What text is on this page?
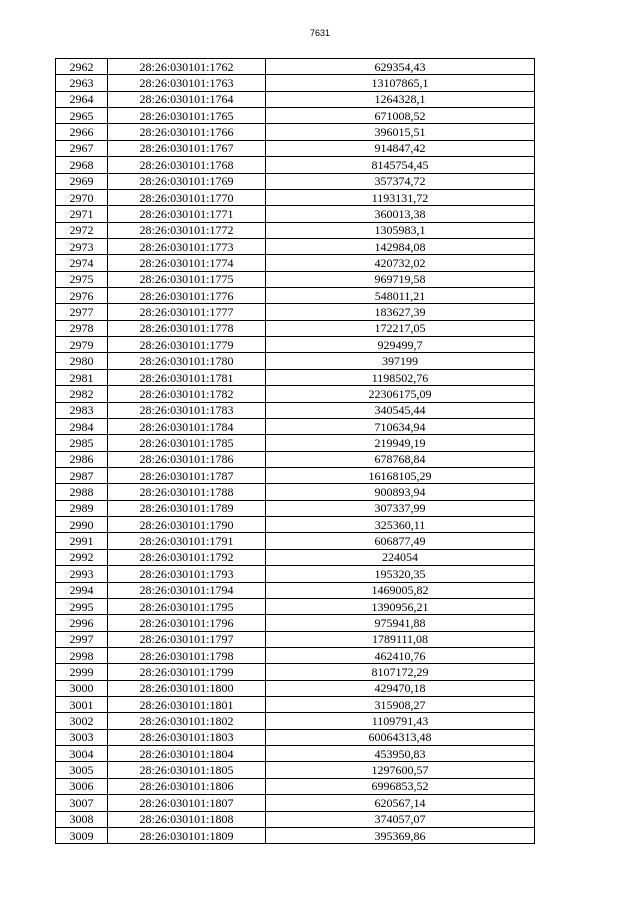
7631
2962	28:26:030101:1762	629354,43
2963	28:26:030101:1763	13107865,1
2964	28:26:030101:1764	1264328,1
2965	28:26:030101:1765	671008,52
2966	28:26:030101:1766	396015,51
2967	28:26:030101:1767	914847,42
2968	28:26:030101:1768	8145754,45
2969	28:26:030101:1769	357374,72
2970	28:26:030101:1770	1193131,72
2971	28:26:030101:1771	360013,38
2972	28:26:030101:1772	1305983,1
2973	28:26:030101:1773	142984,08
2974	28:26:030101:1774	420732,02
2975	28:26:030101:1775	969719,58
2976	28:26:030101:1776	548011,21
2977	28:26:030101:1777	183627,39
2978	28:26:030101:1778	172217,05
2979	28:26:030101:1779	929499,7
2980	28:26:030101:1780	397199
2981	28:26:030101:1781	1198502,76
2982	28:26:030101:1782	22306175,09
2983	28:26:030101:1783	340545,44
2984	28:26:030101:1784	710634,94
2985	28:26:030101:1785	219949,19
2986	28:26:030101:1786	678768,84
2987	28:26:030101:1787	16168105,29
2988	28:26:030101:1788	900893,94
2989	28:26:030101:1789	307337,99
2990	28:26:030101:1790	325360,11
2991	28:26:030101:1791	606877,49
2992	28:26:030101:1792	224054
2993	28:26:030101:1793	195320,35
2994	28:26:030101:1794	1469005,82
2995	28:26:030101:1795	1390956,21
2996	28:26:030101:1796	975941,88
2997	28:26:030101:1797	1789111,08
2998	28:26:030101:1798	462410,76
2999	28:26:030101:1799	8107172,29
3000	28:26:030101:1800	429470,18
3001	28:26:030101:1801	315908,27
3002	28:26:030101:1802	1109791,43
3003	28:26:030101:1803	60064313,48
3004	28:26:030101:1804	453950,83
3005	28:26:030101:1805	1297600,57
3006	28:26:030101:1806	6996853,52
3007	28:26:030101:1807	620567,14
3008	28:26:030101:1808	374057,07
3009	28:26:030101:1809	395369,86
